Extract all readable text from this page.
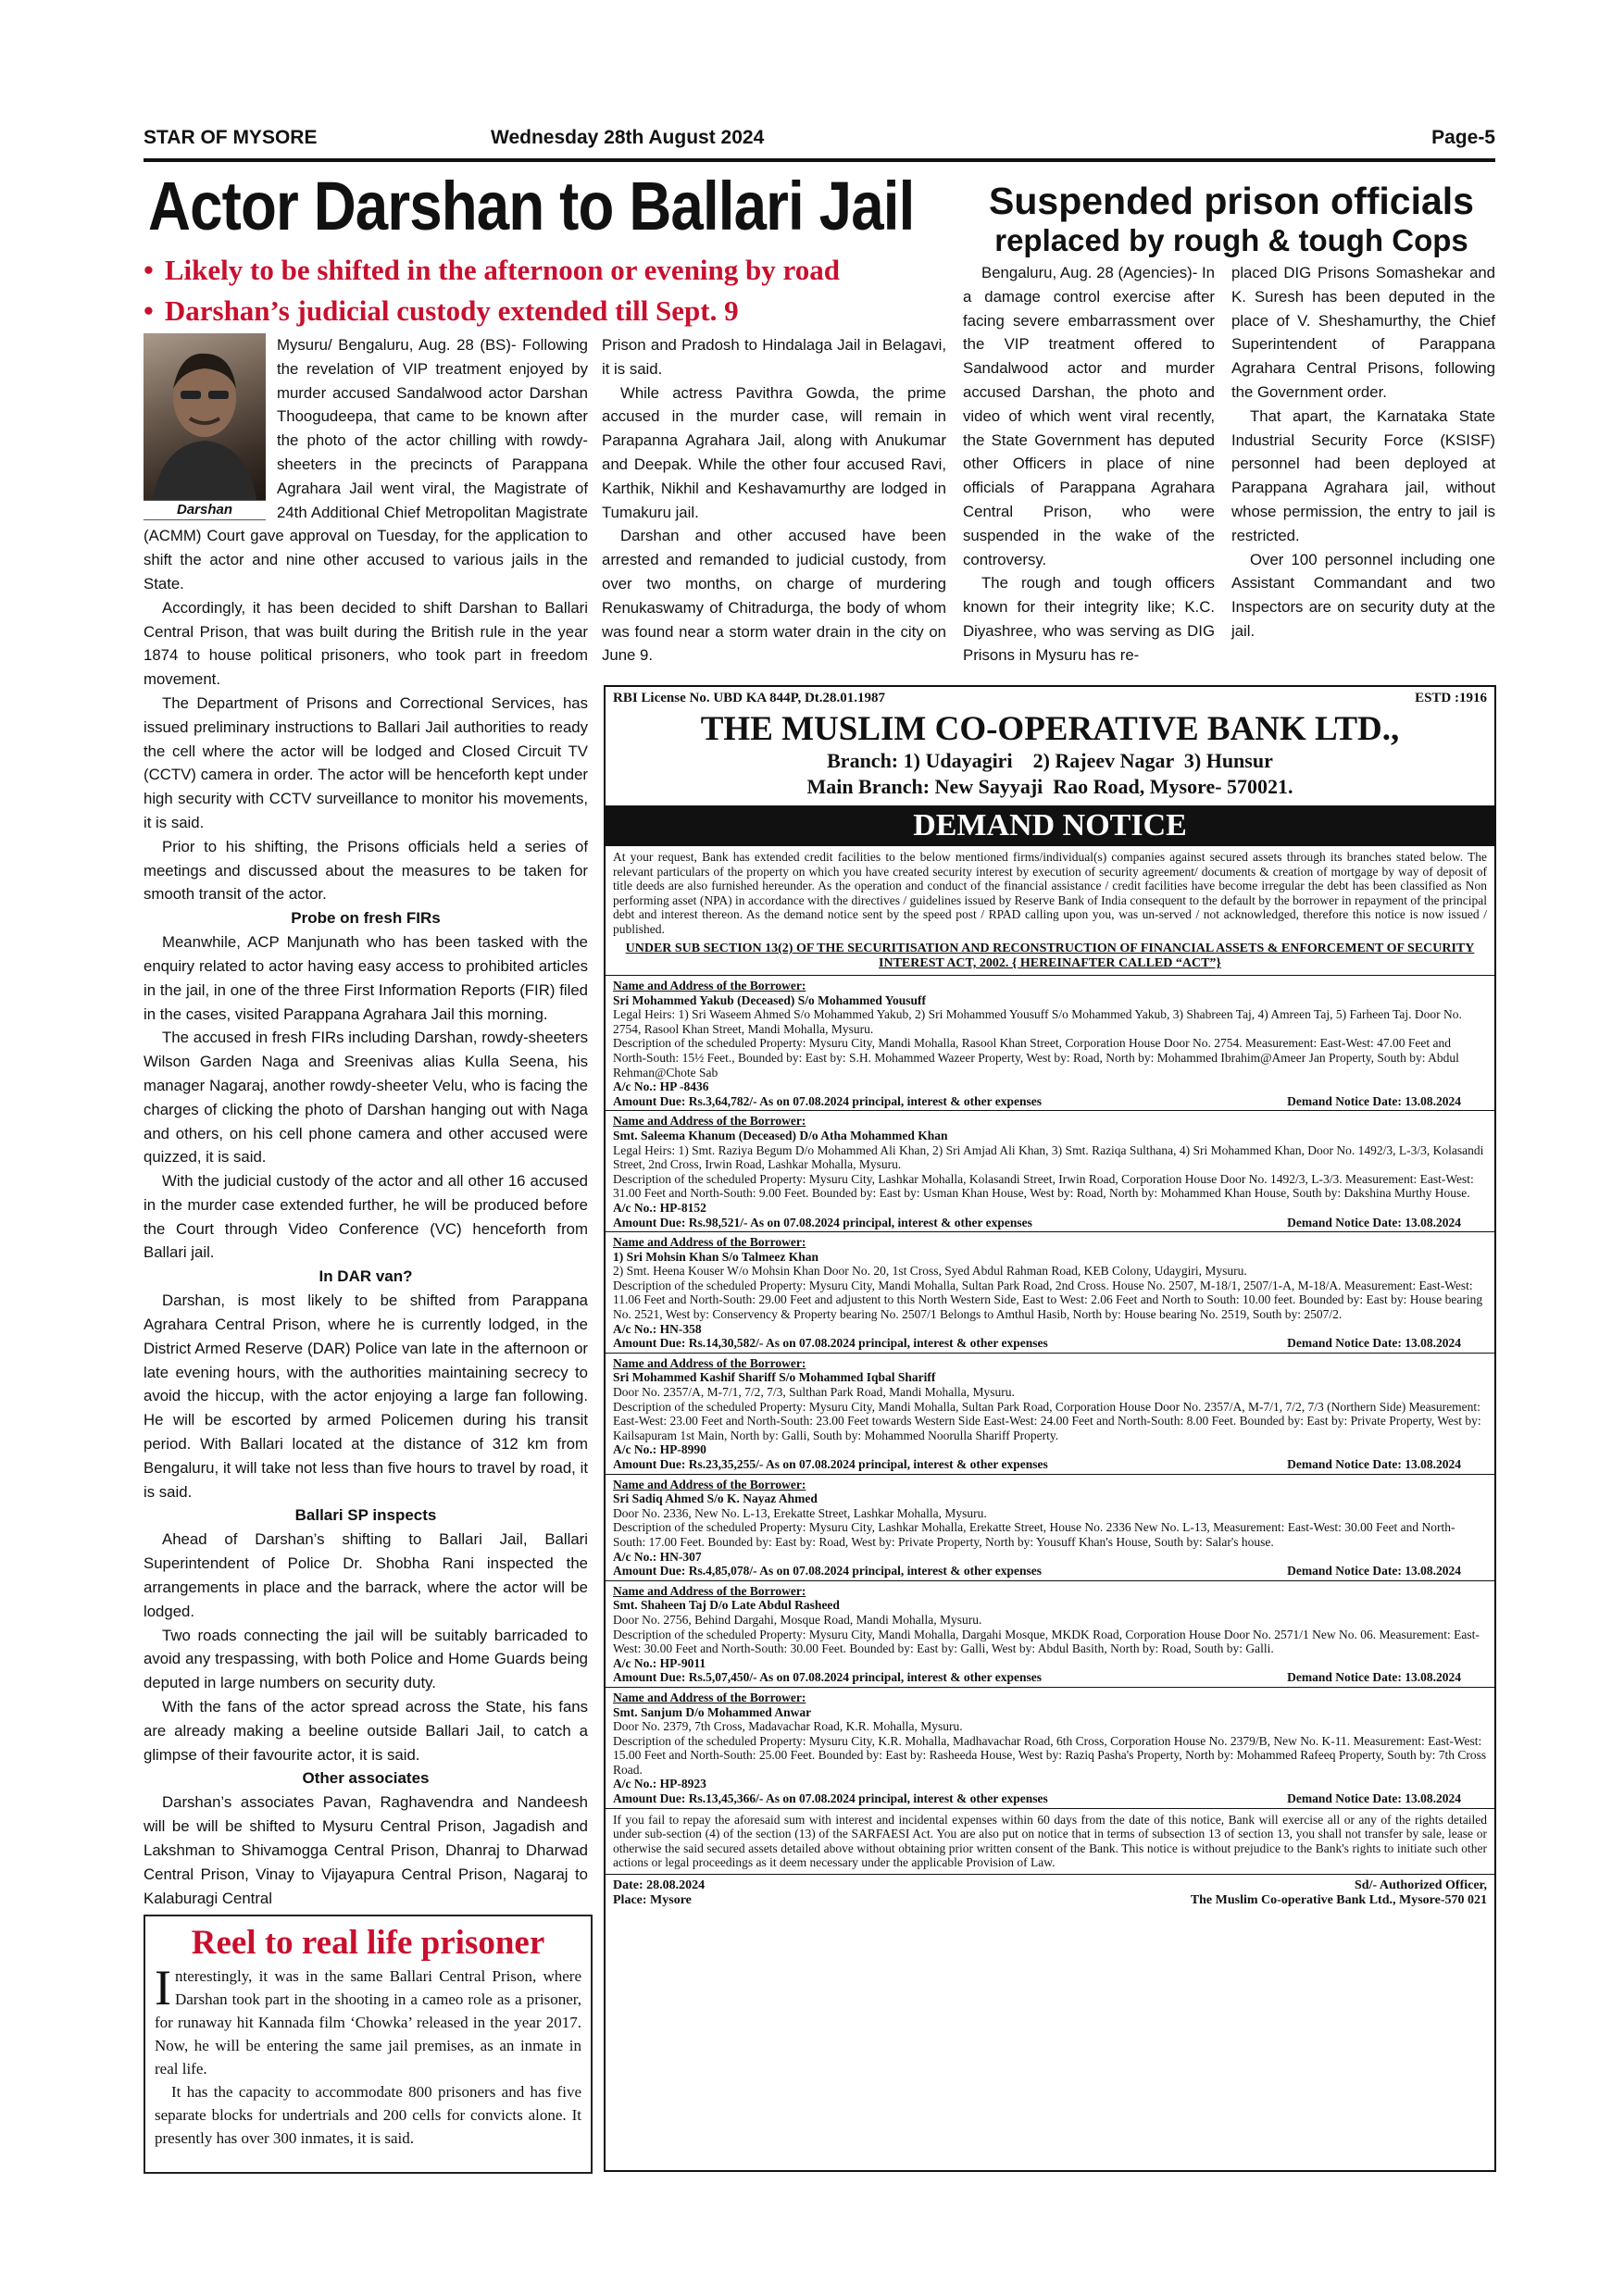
STAR OF MYSORE	Wednesday 28th August 2024	Page-5
Actor Darshan to Ballari Jail
• Likely to be shifted in the afternoon or evening by road
• Darshan’s judicial custody extended till Sept. 9
Darshan

Mysuru/ Bengaluru, Aug. 28 (BS)- Following the revelation of VIP treatment enjoyed by murder accused Sandalwood actor Darshan Thoogudeepa, that came to be known after the photo of the actor chilling with rowdy-sheeters in the precincts of Parappana Agrahara Jail went viral, the Magistrate of 24th Additional Chief Metropolitan Magistrate (ACMM) Court gave approval on Tuesday, for the application to shift the actor and nine other accused to various jails in the State.

Accordingly, it has been decided to shift Darshan to Ballari Central Prison, that was built during the British rule in the year 1874 to house political prisoners, who took part in freedom movement.

The Department of Prisons and Correctional Services, has issued preliminary instructions to Ballari Jail authorities to ready the cell where the actor will be lodged and Closed Circuit TV (CCTV) camera in order. The actor will be henceforth kept under high security with CCTV surveillance to monitor his movements, it is said.

Prior to his shifting, the Prisons officials held a series of meetings and discussed about the measures to be taken for smooth transit of the actor.

Probe on fresh FIRs

Meanwhile, ACP Manjunath who has been tasked with the enquiry related to actor having easy access to prohibited articles in the jail, in one of the three First Information Reports (FIR) filed in the cases, visited Parappana Agrahara Jail this morning.

The accused in fresh FIRs including Darshan, rowdy-sheeters Wilson Garden Naga and Sreenivas alias Kulla Seena, his manager Nagaraj, another rowdy-sheeter Velu, who is facing the charges of clicking the photo of Darshan hanging out with Naga and others, on his cell phone camera and other accused were quizzed, it is said.

With the judicial custody of the actor and all other 16 accused in the murder case extended further, he will be produced before the Court through Video Conference (VC) henceforth from Ballari jail.

In DAR van?

Darshan, is most likely to be shifted from Parappana Agrahara Central Prison, where he is currently lodged, in the District Armed Reserve (DAR) Police van late in the afternoon or late evening hours, with the authorities maintaining secrecy to avoid the hiccup, with the actor enjoying a large fan following. He will be escorted by armed Policemen during his transit period. With Ballari located at the distance of 312 km from Bengaluru, it will take not less than five hours to travel by road, it is said.

Ballari SP inspects

Ahead of Darshan’s shifting to Ballari Jail, Ballari Superintendent of Police Dr. Shobha Rani inspected the arrangements in place and the barrack, where the actor will be lodged.

Two roads connecting the jail will be suitably barricaded to avoid any trespassing, with both Police and Home Guards being deputed in large numbers on security duty.

With the fans of the actor spread across the State, his fans are already making a beeline outside Ballari Jail, to catch a glimpse of their favourite actor, it is said.

Other associates

Darshan’s associates Pavan, Raghavendra and Nandeesh will be will be shifted to Mysuru Central Prison, Jagadish and Lakshman to Shivamogga Central Prison, Dhanraj to Dharwad Central Prison, Vinay to Vijayapura Central Prison, Nagaraj to Kalaburagi Central

Prison and Pradosh to Hindalaga Jail in Belagavi, it is said.

While actress Pavithra Gowda, the prime accused in the murder case, will remain in Parapanna Agrahara Jail, along with Anukumar and Deepak. While the other four accused Ravi, Karthik, Nikhil and Keshavamurthy are lodged in Tumakuru jail.

Darshan and other accused have been arrested and remanded to judicial custody, from over two months, on charge of murdering Renukaswamy of Chitradurga, the body of whom was found near a storm water drain in the city on June 9.

Suspended prison officials
replaced by rough & tough Cops

Bengaluru, Aug. 28 (Agencies)- In a damage control exercise after facing severe embarrassment over the VIP treatment offered to Sandalwood actor and murder accused Darshan, the photo and video of which went viral recently, the State Government has deputed other Officers in place of nine officials of Parappana Agrahara Central Prison, who were suspended in the wake of the controversy.

The rough and tough officers known for their integrity like; K.C. Diyashree, who was serving as DIG Prisons in Mysuru has re-

placed DIG Prisons Somashekar and K. Suresh has been deputed in the place of V. Sheshamurthy, the Chief Superintendent of Parappana Agrahara Central Prisons, following the Government order.

That apart, the Karnataka State Industrial Security Force (KSISF) personnel had been deployed at Parappana Agrahara jail, without whose permission, the entry to jail is restricted.

Over 100 personnel including one Assistant Commandant and two Inspectors are on security duty at the jail.

Reel to real life prisoner

Interestingly, it was in the same Ballari Central Prison, where Darshan took part in the shooting in a cameo role as a prisoner, for runaway hit Kannada film ‘Chowka’ released in the year 2017. Now, he will be entering the same jail premises, as an inmate in real life.

It has the capacity to accommodate 800 prisoners and has five separate blocks for undertrials and 200 cells for convicts alone. It presently has over 300 inmates, it is said.

RBI License No. UBD KA 844P, Dt.28.01.1987	ESTD :1916
THE MUSLIM CO-OPERATIVE BANK LTD.,
Branch: 1) Udayagiri    2) Rajeev Nagar  3) Hunsur
Main Branch: New Sayyaji  Rao Road, Mysore- 570021.
DEMAND NOTICE
At your request, Bank has extended credit facilities to the below mentioned firms/individual(s) companies against secured assets through its branches stated below. The relevant particulars of the property on which you have created security interest by execution of security agreement/ documents & creation of mortgage by way of deposit of title deeds are also furnished hereunder. As the operation and conduct of the financial assistance / credit facilities have become irregular the debt has been classified as Non performing asset (NPA) in accordance with the directives / guidelines issued by Reserve Bank of India consequent to the default by the borrower in repayment of the principal debt and interest thereon. As the demand notice sent by the speed post / RPAD calling upon you, was un-served / not acknowledged, therefore this notice is now issued / published.
UNDER SUB SECTION 13(2) OF THE SECURITISATION AND RECONSTRUCTION OF FINANCIAL ASSETS & ENFORCEMENT OF SECURITY INTEREST ACT, 2002. { HEREINAFTER CALLED “ACT”}
Name and Address of the Borrower:
Sri Mohammed Yakub (Deceased) S/o Mohammed Yousuff
Legal Heirs: 1) Sri Waseem Ahmed S/o Mohammed Yakub, 2) Sri Mohammed Yousuff S/o Mohammed Yakub, 3) Shabreen Taj, 4) Amreen Taj, 5) Farheen Taj. Door No. 2754, Rasool Khan Street, Mandi Mohalla, Mysuru.
Description of the scheduled Property: Mysuru City, Mandi Mohalla, Rasool Khan Street, Corporation House Door No. 2754. Measurement: East-West: 47.00 Feet and North-South: 15½ Feet., Bounded by: East by: S.H. Mohammed Wazeer Property, West by: Road, North by: Mohammed Ibrahim@Ameer Jan Property, South by: Abdul Rehman@Chote Sab
A/c No.: HP -8436
Amount Due: Rs.3,64,782/- As on 07.08.2024 principal, interest & other expenses	Demand Notice Date: 13.08.2024
Name and Address of the Borrower:
Smt. Saleema Khanum (Deceased) D/o Atha Mohammed Khan
Legal Heirs: 1) Smt. Raziya Begum D/o Mohammed Ali Khan, 2) Sri Amjad Ali Khan, 3) Smt. Raziqa Sulthana, 4) Sri Mohammed Khan, Door No. 1492/3, L-3/3, Kolasandi Street, 2nd Cross, Irwin Road, Lashkar Mohalla, Mysuru.
Description of the scheduled Property: Mysuru City, Lashkar Mohalla, Kolasandi Street, Irwin Road, Corporation House Door No. 1492/3, L-3/3. Measurement: East-West: 31.00 Feet and North-South: 9.00 Feet. Bounded by: East by: Usman Khan House, West by: Road, North by: Mohammed Khan House, South by: Dakshina Murthy House.
A/c No.: HP-8152
Amount Due: Rs.98,521/- As on 07.08.2024 principal, interest & other expenses	Demand Notice Date: 13.08.2024
Name and Address of the Borrower:
1) Sri Mohsin Khan S/o Talmeez Khan
2) Smt. Heena Kouser W/o Mohsin Khan Door No. 20, 1st Cross, Syed Abdul Rahman Road, KEB Colony, Udaygiri, Mysuru.
Description of the scheduled Property: Mysuru City, Mandi Mohalla, Sultan Park Road, 2nd Cross. House No. 2507, M-18/1, 2507/1-A, M-18/A. Measurement: East-West: 11.06 Feet and North-South: 29.00 Feet and adjustent to this North Western Side, East to West: 2.06 Feet and North to South: 10.00 feet. Bounded by: East by: House bearing No. 2521, West by: Conservency & Property bearing No. 2507/1 Belongs to Amthul Hasib, North by: House bearing No. 2519, South by: 2507/2.
A/c No.: HN-358
Amount Due: Rs.14,30,582/- As on 07.08.2024 principal, interest & other expenses	Demand Notice Date: 13.08.2024
Name and Address of the Borrower:
Sri Mohammed Kashif Shariff S/o Mohammed Iqbal Shariff
Door No. 2357/A, M-7/1, 7/2, 7/3, Sulthan Park Road, Mandi Mohalla, Mysuru.
Description of the scheduled Property: Mysuru City, Mandi Mohalla, Sultan Park Road, Corporation House Door No. 2357/A, M-7/1, 7/2, 7/3 (Northern Side) Measurement: East-West: 23.00 Feet and North-South: 23.00 Feet towards Western Side East-West: 24.00 Feet and North-South: 8.00 Feet. Bounded by: East by: Private Property, West by: Kailsapuram 1st Main, North by: Galli, South by: Mohammed Noorulla Shariff Property.
A/c No.: HP-8990
Amount Due: Rs.23,35,255/- As on 07.08.2024 principal, interest & other expenses	Demand Notice Date: 13.08.2024
Name and Address of the Borrower:
Sri Sadiq Ahmed S/o K. Nayaz Ahmed
Door No. 2336, New No. L-13, Erekatte Street, Lashkar Mohalla, Mysuru.
Description of the scheduled Property: Mysuru City, Lashkar Mohalla, Erekatte Street, House No. 2336 New No. L-13, Measurement: East-West: 30.00 Feet and North-South: 17.00 Feet. Bounded by: East by: Road, West by: Private Property, North by: Yousuff Khan's House, South by: Salar's house.
A/c No.: HN-307
Amount Due: Rs.4,85,078/- As on 07.08.2024 principal, interest & other expenses	Demand Notice Date: 13.08.2024
Name and Address of the Borrower:
Smt. Shaheen Taj D/o Late Abdul Rasheed
Door No. 2756, Behind Dargahi, Mosque Road, Mandi Mohalla, Mysuru.
Description of the scheduled Property: Mysuru City, Mandi Mohalla, Dargahi Mosque, MKDK Road, Corporation House Door No. 2571/1 New No. 06. Measurement: East-West: 30.00 Feet and North-South: 30.00 Feet. Bounded by: East by: Galli, West by: Abdul Basith, North by: Road, South by: Galli.
A/c No.: HP-9011
Amount Due: Rs.5,07,450/- As on 07.08.2024 principal, interest & other expenses	Demand Notice Date: 13.08.2024
Name and Address of the Borrower:
Smt. Sanjum D/o Mohammed Anwar
Door No. 2379, 7th Cross, Madavachar Road, K.R. Mohalla, Mysuru.
Description of the scheduled Property: Mysuru City, K.R. Mohalla, Madhavachar Road, 6th Cross, Corporation House No. 2379/B, New No. K-11. Measurement: East-West: 15.00 Feet and North-South: 25.00 Feet. Bounded by: East by: Rasheeda House, West by: Raziq Pasha's Property, North by: Mohammed Rafeeq Property, South by: 7th Cross Road.
A/c No.: HP-8923
Amount Due: Rs.13,45,366/- As on 07.08.2024 principal, interest & other expenses	Demand Notice Date: 13.08.2024
If you fail to repay the aforesaid sum with interest and incidental expenses within 60 days from the date of this notice, Bank will exercise all or any of the rights detailed under sub-section (4) of the section (13) of the SARFAESI Act. You are also put on notice that in terms of subsection 13 of section 13, you shall not transfer by sale, lease or otherwise the said secured assets detailed above without obtaining prior written consent of the Bank. This notice is without prejudice to the Bank's rights to initiate such other actions or legal proceedings as it deem necessary under the applicable Provision of Law.
Date: 28.08.2024
Place: Mysore
Sd/- Authorized Officer,
The Muslim Co-operative Bank Ltd., Mysore-570 021
